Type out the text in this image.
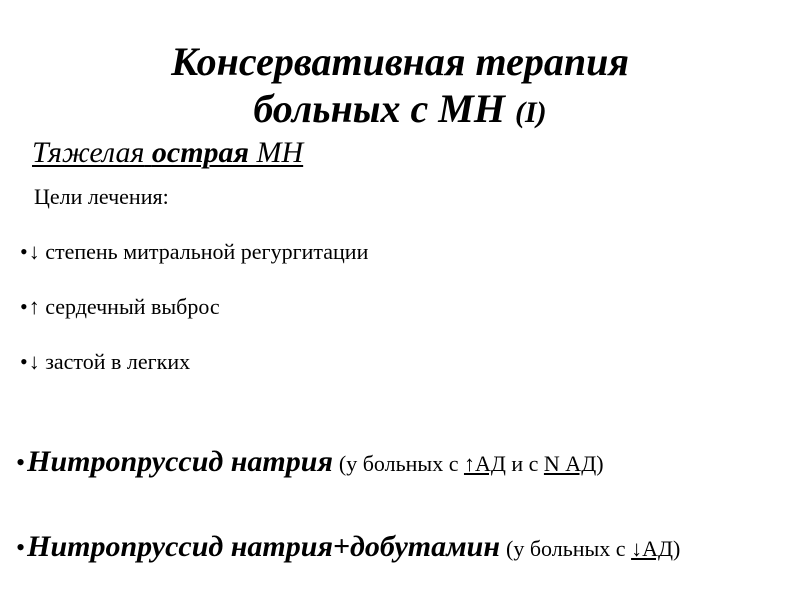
Консервативная терапия
больных с МН (I)
Тяжелая острая МН
Цели лечения:
• ↓
степень митральной регургитации
• ↑
сердечный выброс
• ↓
застой в легких
• Нитропруссид натрия (у больных с ↑АД и с N АД)
• Нитропруссид натрия+добутамин (у больных с ↓АД)
